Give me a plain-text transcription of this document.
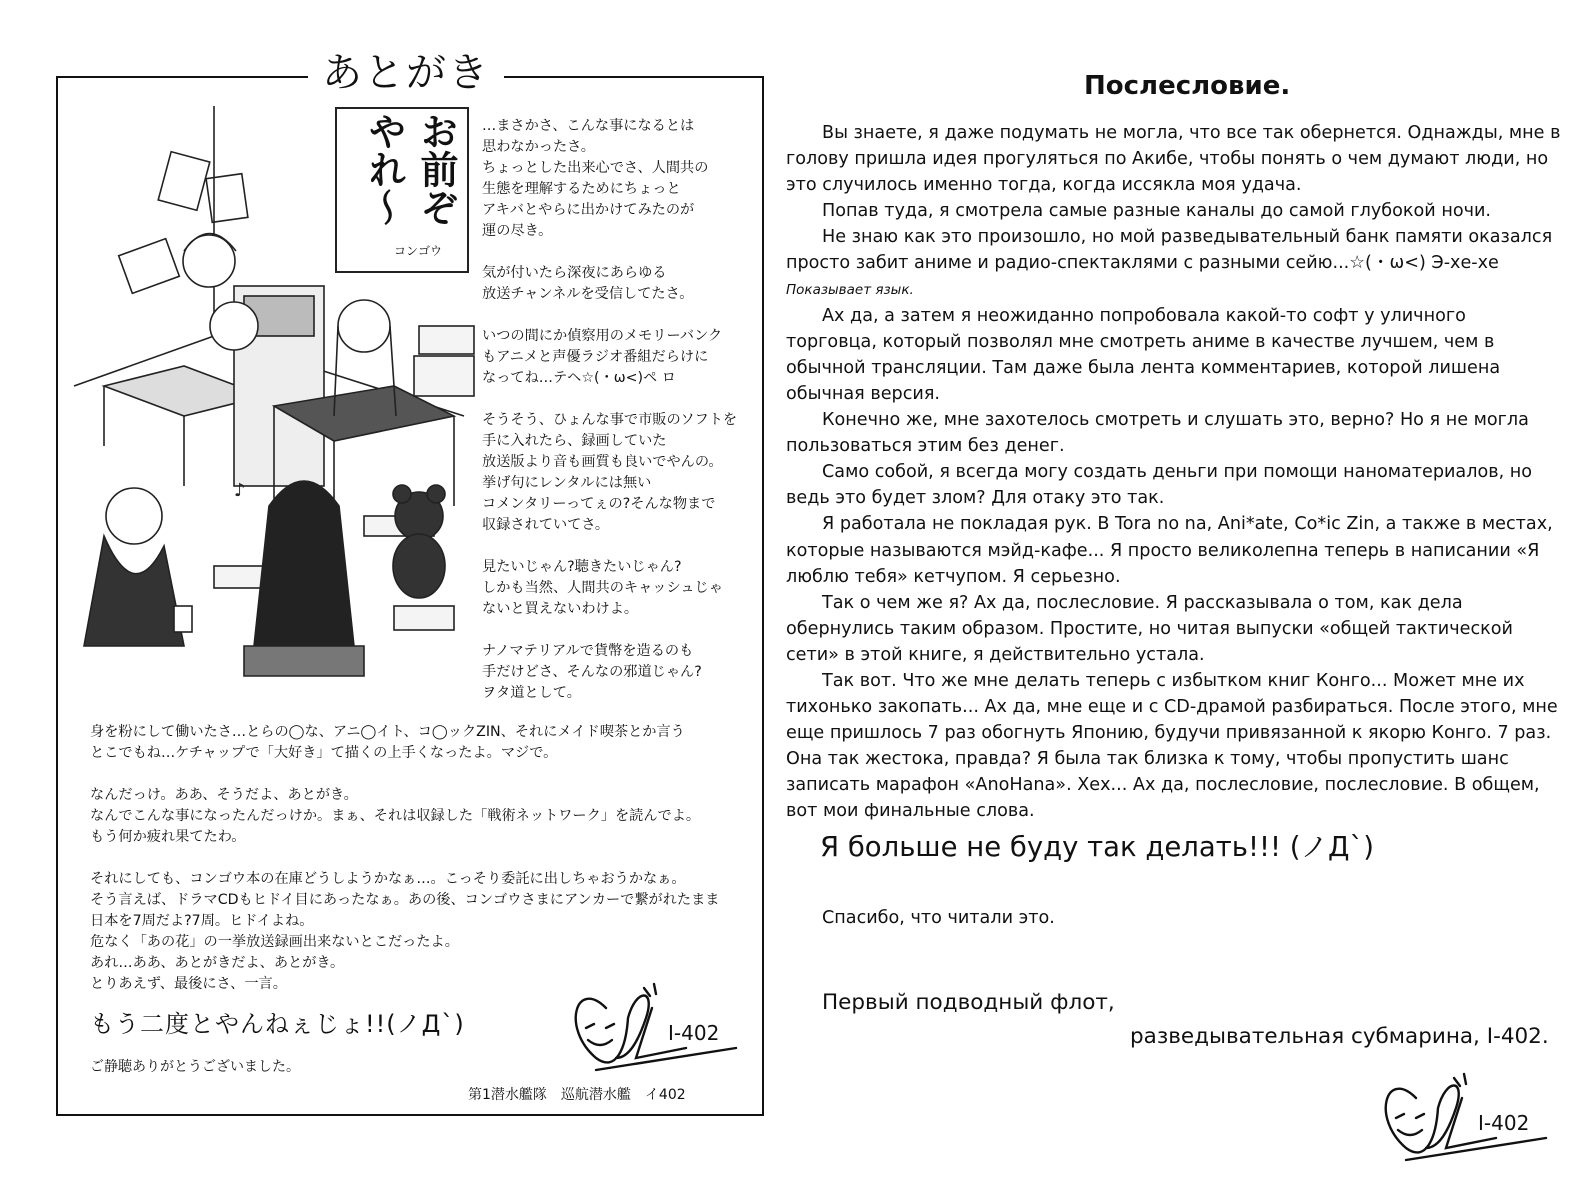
あとがき
♪
お前ぞやれ〜
コンゴウ
…まさかさ、こんな事になるとは
思わなかったさ。
ちょっとした出来心でさ、人間共の
生態を理解するためにちょっと
アキバとやらに出かけてみたのが
運の尽き。

気が付いたら深夜にあらゆる
放送チャンネルを受信してたさ。

いつの間にか偵察用のメモリーバンク
もアニメと声優ラジオ番組だらけに
なってね…テヘ☆(・ω<)ペ ロ

そうそう、ひょんな事で市販のソフトを
手に入れたら、録画していた
放送版より音も画質も良いでやんの。
挙げ句にレンタルには無い
コメンタリーってぇの?そんな物まで
収録されていてさ。

見たいじゃん?聴きたいじゃん?
しかも当然、人間共のキャッシュじゃ
ないと買えないわけよ。

ナノマテリアルで貨幣を造るのも
手だけどさ、そんなの邪道じゃん?
ヲタ道として。
身を粉にして働いたさ…とらの◯な、アニ◯イト、コ◯ックZIN、それにメイド喫茶とか言う
とこでもね…ケチャップで「大好き」て描くの上手くなったよ。マジで。

なんだっけ。ああ、そうだよ、あとがき。
なんでこんな事になったんだっけか。まぁ、それは収録した「戦術ネットワーク」を読んでよ。
もう何か疲れ果てたわ。

それにしても、コンゴウ本の在庫どうしようかなぁ…。こっそり委託に出しちゃおうかなぁ。
そう言えば、ドラマCDもヒドイ目にあったなぁ。あの後、コンゴウさまにアンカーで繋がれたまま
日本を7周だよ?7周。ヒドイよね。
危なく「あの花」の一挙放送録画出来ないとこだったよ。
あれ…ああ、あとがきだよ、あとがき。
とりあえず、最後にさ、一言。
もう二度とやんねぇじょ!!(ノД`)
ご静聴ありがとうございました。
第1潜水艦隊　巡航潜水艦　イ402
I-402
Послесловие.

Вы знаете, я даже подумать не могла, что все так обернется. Однажды, мне в голову пришла идея прогуляться по Акибе, чтобы понять о чем думают люди, но это случилось именно тогда, когда иссякла моя удача.

Попав туда, я смотрела самые разные каналы до самой глубокой ночи.

Не знаю как это произошло, но мой разведывательный банк памяти оказался просто забит аниме и радио-спектаклями с разными сейю...☆(・ω<) Э-хе-хе

Показывает язык.

Ах да, а затем я неожиданно попробовала какой-то софт у уличного торговца, который позволял мне смотреть аниме в качестве лучшем, чем в обычной трансляции. Там даже была лента комментариев, которой лишена обычная версия.

Конечно же, мне захотелось смотреть и слушать это, верно? Но я не могла пользоваться этим без денег.

Само собой, я всегда могу создать деньги при помощи наноматериалов, но ведь это будет злом? Для отаку это так.

Я работала не покладая рук. В Tora no na, Ani*ate, Co*ic Zin, а также в местах, которые называются мэйд-кафе... Я просто великолепна теперь в написании «Я люблю тебя» кетчупом. Я серьезно.

Так о чем же я? Ах да, послесловие. Я рассказывала о том, как дела обернулись таким образом. Простите, но читая выпуски «общей тактической сети» в этой книге, я действительно устала.

Так вот. Что же мне делать теперь с избытком книг Конго... Может мне их тихонько закопать... Ах да, мне еще и с CD-драмой разбираться. После этого, мне еще пришлось 7 раз обогнуть Японию, будучи привязанной к якорю Конго. 7 раз. Она так жестока, правда? Я была так близка к тому, чтобы пропустить шанс записать марафон «AnoHana». Хех... Ах да, послесловие, послесловие. В общем, вот мои финальные слова.

Я больше не буду так делать!!! (ノД`)
Спасибо, что читали это.
Первый подводный флот,
разведывательная субмарина, I-402.
I-402
